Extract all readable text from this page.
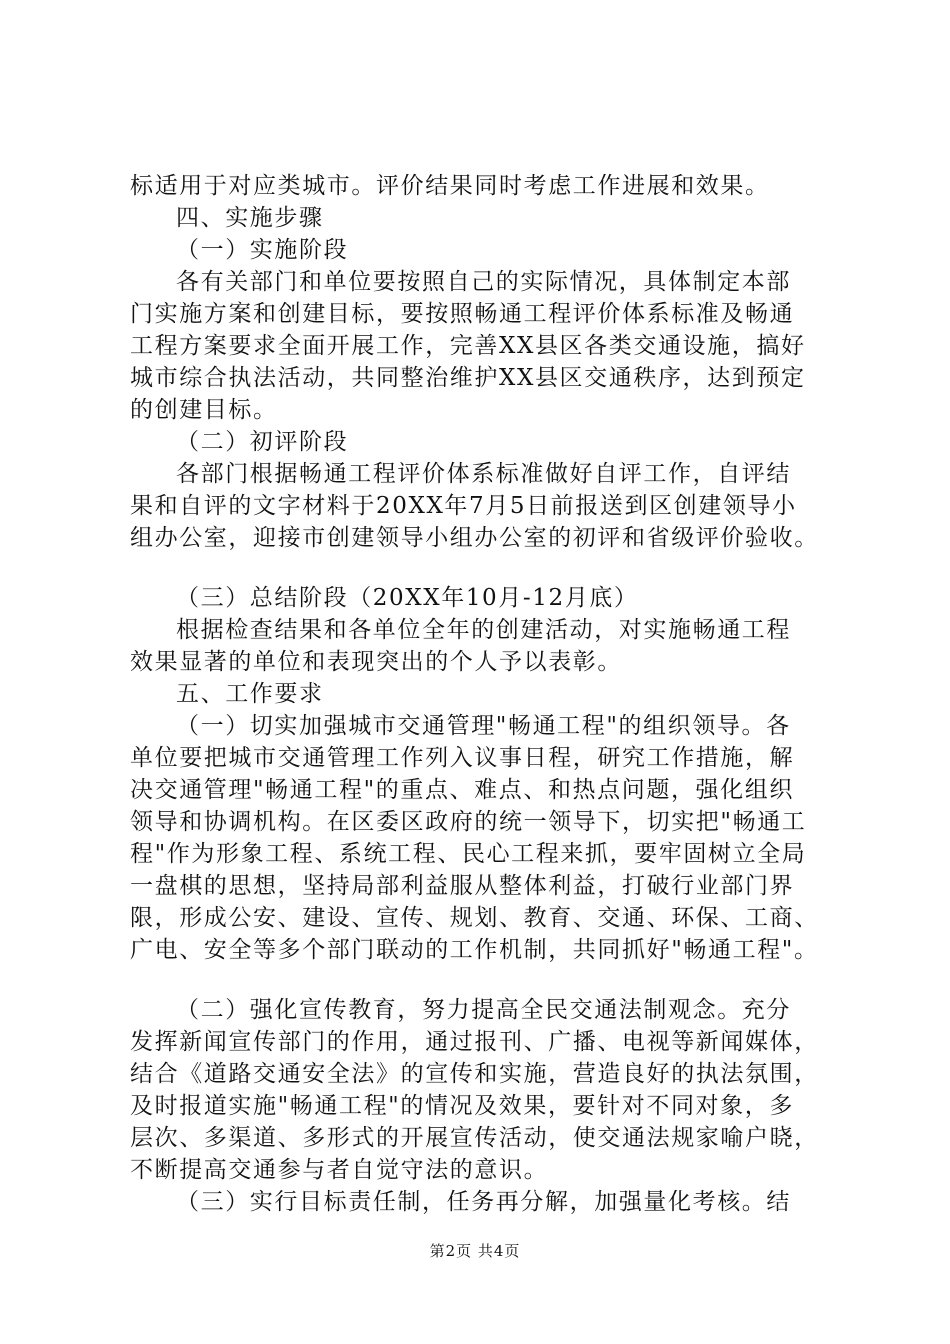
标适用于对应类城市。评价结果同时考虑工作进展和效果。
四、实施步骤
（一）实施阶段
各有关部门和单位要按照自己的实际情况，具体制定本部
门实施方案和创建目标，要按照畅通工程评价体系标准及畅通
工程方案要求全面开展工作，完善XX县区各类交通设施，搞好
城市综合执法活动，共同整治维护XX县区交通秩序，达到预定
的创建目标。
（二）初评阶段
各部门根据畅通工程评价体系标准做好自评工作，自评结
果和自评的文字材料于20XX年7月5日前报送到区创建领导小
组办公室，迎接市创建领导小组办公室的初评和省级评价验收。
（三）总结阶段（20XX年10月-12月底）
根据检查结果和各单位全年的创建活动，对实施畅通工程
效果显著的单位和表现突出的个人予以表彰。
五、工作要求
（一）切实加强城市交通管理"畅通工程"的组织领导。各
单位要把城市交通管理工作列入议事日程，研究工作措施，解
决交通管理"畅通工程"的重点、难点、和热点问题，强化组织
领导和协调机构。在区委区政府的统一领导下，切实把"畅通工
程"作为形象工程、系统工程、民心工程来抓，要牢固树立全局
一盘棋的思想，坚持局部利益服从整体利益，打破行业部门界
限，形成公安、建设、宣传、规划、教育、交通、环保、工商、
广电、安全等多个部门联动的工作机制，共同抓好"畅通工程"。
（二）强化宣传教育，努力提高全民交通法制观念。充分
发挥新闻宣传部门的作用，通过报刊、广播、电视等新闻媒体，
结合《道路交通安全法》的宣传和实施，营造良好的执法氛围，
及时报道实施"畅通工程"的情况及效果，要针对不同对象，多
层次、多渠道、多形式的开展宣传活动，使交通法规家喻户晓，
不断提高交通参与者自觉守法的意识。
（三）实行目标责任制，任务再分解，加强量化考核。结
第2页 共4页
